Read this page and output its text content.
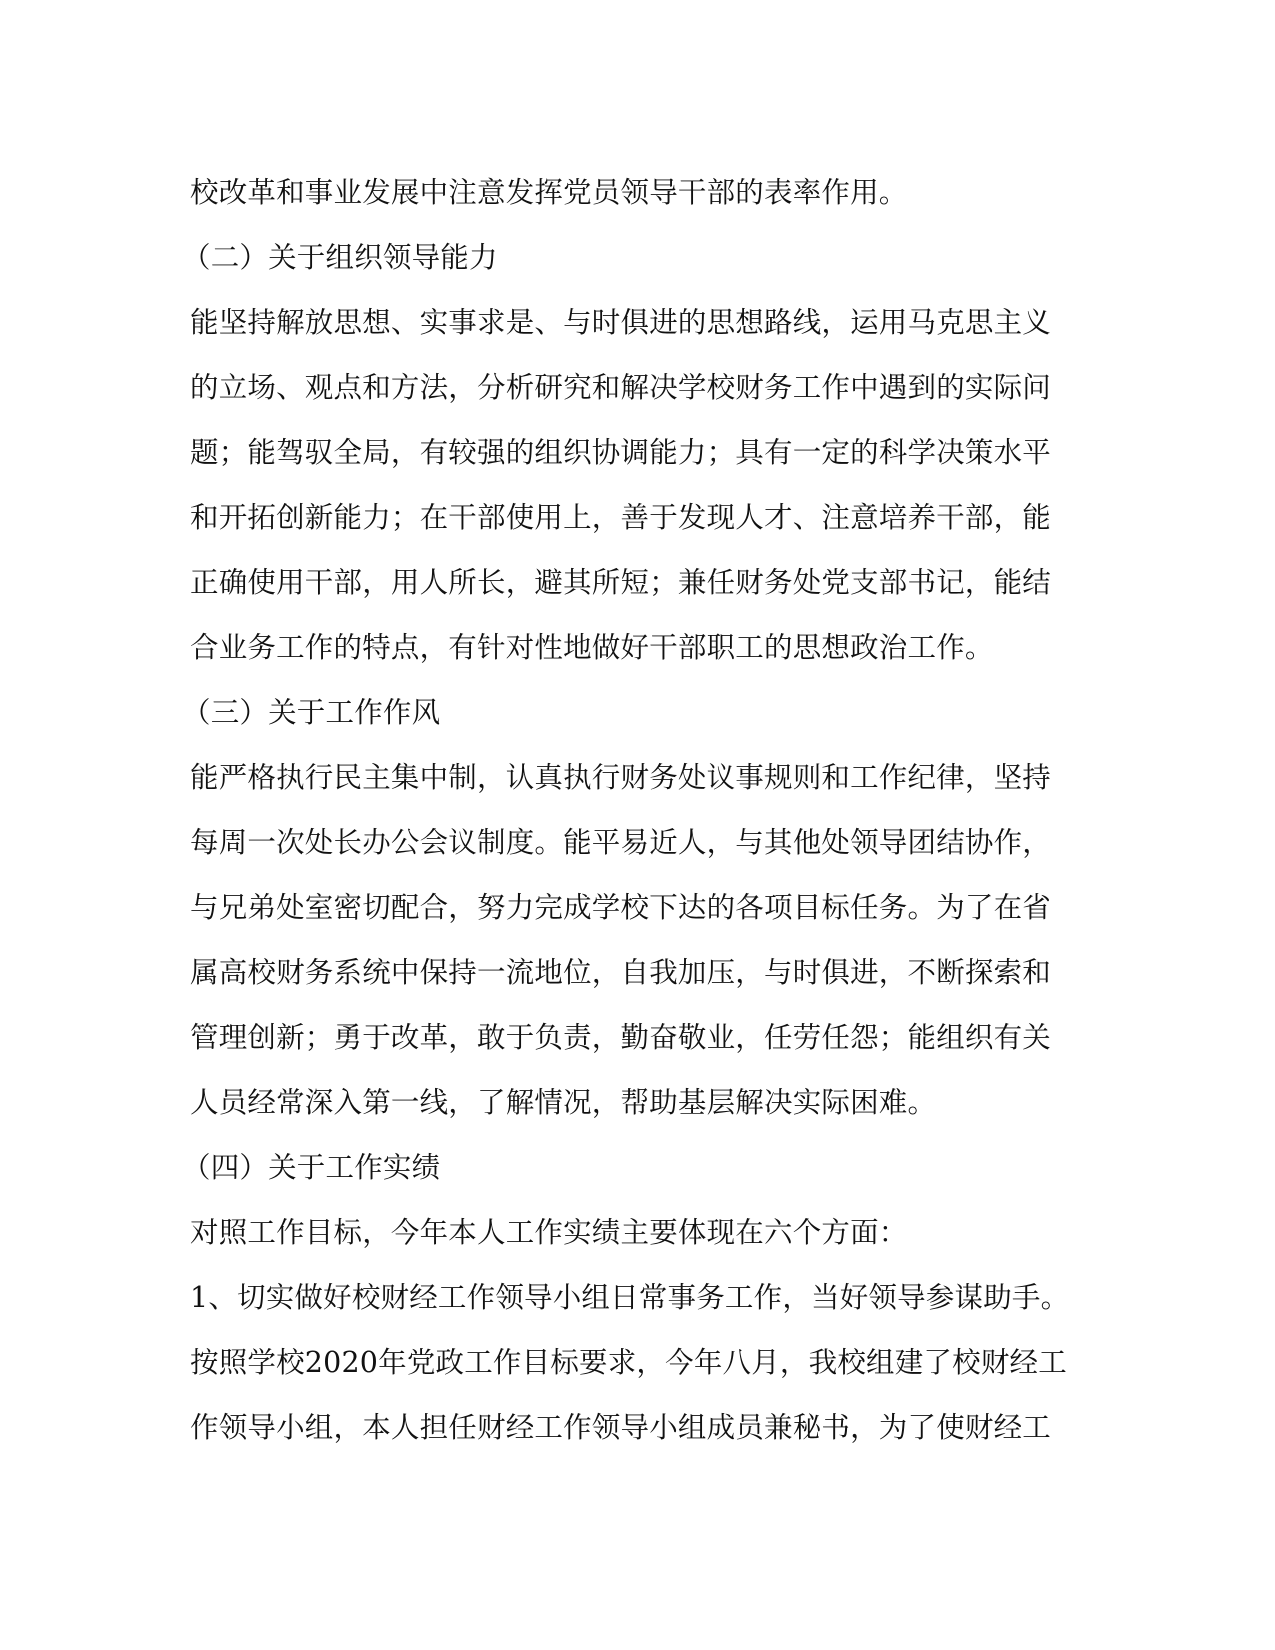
校改革和事业发展中注意发挥党员领导干部的表率作用。
（二）关于组织领导能力
能坚持解放思想、实事求是、与时俱进的思想路线，运用马克思主义
的立场、观点和方法，分析研究和解决学校财务工作中遇到的实际问
题；能驾驭全局，有较强的组织协调能力；具有一定的科学决策水平
和开拓创新能力；在干部使用上，善于发现人才、注意培养干部，能
正确使用干部，用人所长，避其所短；兼任财务处党支部书记，能结
合业务工作的特点，有针对性地做好干部职工的思想政治工作。
（三）关于工作作风
能严格执行民主集中制，认真执行财务处议事规则和工作纪律，坚持
每周一次处长办公会议制度。能平易近人，与其他处领导团结协作，
与兄弟处室密切配合，努力完成学校下达的各项目标任务。为了在省
属高校财务系统中保持一流地位，自我加压，与时俱进，不断探索和
管理创新；勇于改革，敢于负责，勤奋敬业，任劳任怨；能组织有关
人员经常深入第一线，了解情况，帮助基层解决实际困难。
（四）关于工作实绩
对照工作目标，今年本人工作实绩主要体现在六个方面：
1、切实做好校财经工作领导小组日常事务工作，当好领导参谋助手。
按照学校2020年党政工作目标要求，今年八月，我校组建了校财经工
作领导小组，本人担任财经工作领导小组成员兼秘书，为了使财经工
